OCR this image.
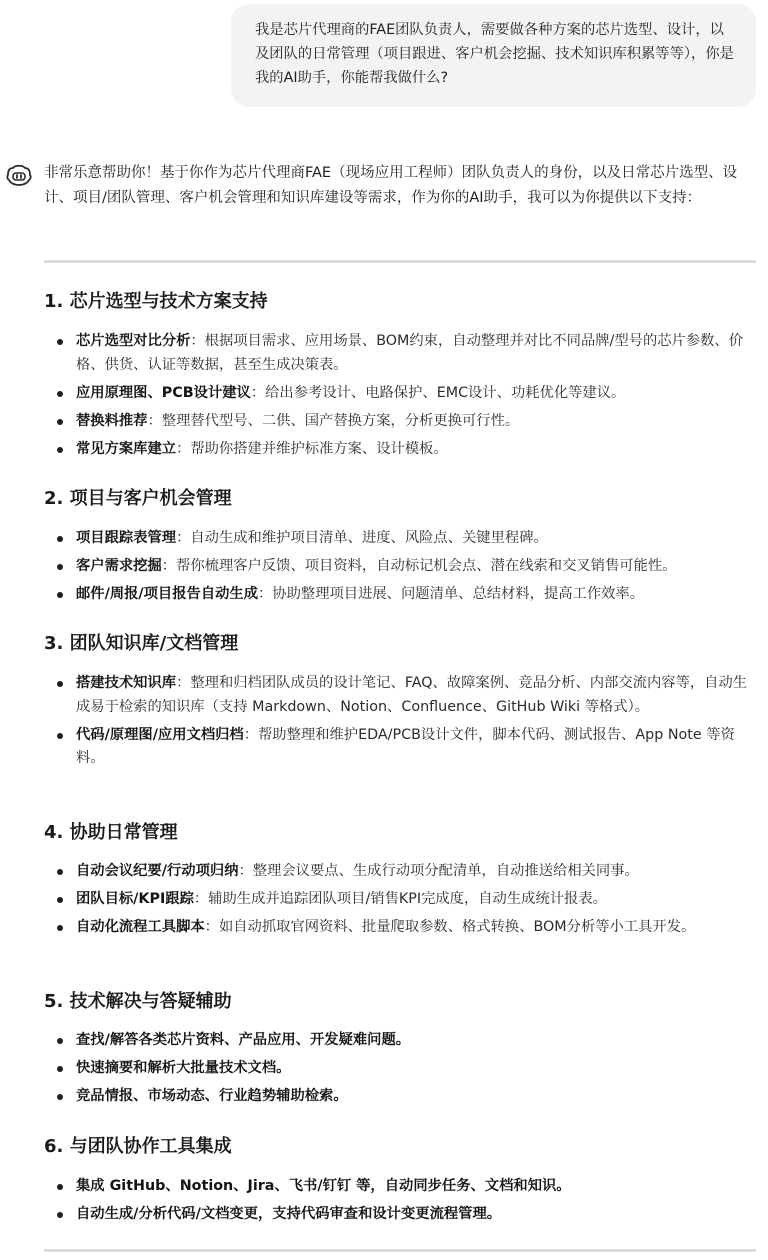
我是芯片代理商的FAE团队负责人，需要做各种方案的芯片选型、设计，以及团队的日常管理（项目跟进、客户机会挖掘、技术知识库积累等等），你是我的AI助手，你能帮我做什么?
非常乐意帮助你！基于你作为芯片代理商FAE（现场应用工程师）团队负责人的身份，以及日常芯片选型、设计、项目/团队管理、客户机会管理和知识库建设等需求，作为你的AI助手，我可以为你提供以下支持：
1. 芯片选型与技术方案支持
芯片选型对比分析：根据项目需求、应用场景、BOM约束，自动整理并对比不同品牌/型号的芯片参数、价格、供货、认证等数据，甚至生成决策表。
应用原理图、PCB设计建议：给出参考设计、电路保护、EMC设计、功耗优化等建议。
替换料推荐：整理替代型号、二供、国产替换方案，分析更换可行性。
常见方案库建立：帮助你搭建并维护标准方案、设计模板。
2. 项目与客户机会管理
项目跟踪表管理：自动生成和维护项目清单、进度、风险点、关键里程碑。
客户需求挖掘：帮你梳理客户反馈、项目资料，自动标记机会点、潜在线索和交叉销售可能性。
邮件/周报/项目报告自动生成：协助整理项目进展、问题清单、总结材料，提高工作效率。
3. 团队知识库/文档管理
搭建技术知识库：整理和归档团队成员的设计笔记、FAQ、故障案例、竞品分析、内部交流内容等，自动生成易于检索的知识库（支持 Markdown、Notion、Confluence、GitHub Wiki 等格式）。
代码/原理图/应用文档归档：帮助整理和维护EDA/PCB设计文件，脚本代码、测试报告、App Note 等资料。
4. 协助日常管理
自动会议纪要/行动项归纳：整理会议要点、生成行动项分配清单，自动推送给相关同事。
团队目标/KPI跟踪：辅助生成并追踪团队项目/销售KPI完成度，自动生成统计报表。
自动化流程工具脚本：如自动抓取官网资料、批量爬取参数、格式转换、BOM分析等小工具开发。
5. 技术解决与答疑辅助
查找/解答各类芯片资料、产品应用、开发疑难问题。
快速摘要和解析大批量技术文档。
竞品情报、市场动态、行业趋势辅助检索。
6. 与团队协作工具集成
集成 GitHub、Notion、Jira、飞书/钉钉 等，自动同步任务、文档和知识。
自动生成/分析代码/文档变更，支持代码审查和设计变更流程管理。
